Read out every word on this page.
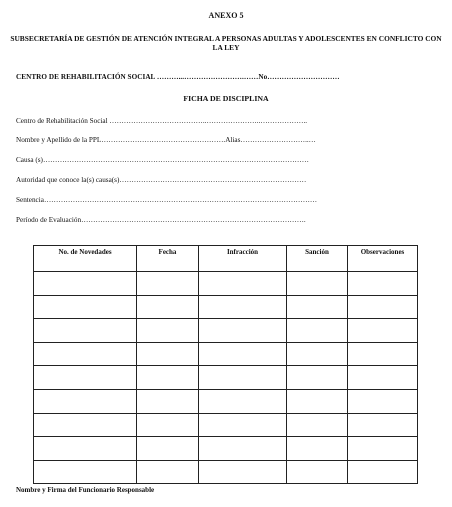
ANEXO 5
SUBSECRETARÍA DE GESTIÓN DE ATENCIÓN INTEGRAL A PERSONAS ADULTAS Y ADOLESCENTES EN CONFLICTO CON LA LEY
CENTRO DE REHABILITACIÓN SOCIAL ………...…………………….……No…………………………
FICHA DE DISCIPLINA
Centro de Rehabilitación Social …………………………………..…………………..………………..
Nombre y Apellido de la PPL…………………………………………….Alias………………………..…
Causa (s)…………………………………………………………………………………………………
Autoridad que conoce la(s) causa(s)……………………………………………………………………
Sentencia……………………………………………………………………………………………………
Período de Evaluación………………………………………………………………………………….
No. de Novedades	Fecha	Infracción	Sanción	Observaciones

Nombre y Firma del Funcionario Responsable
